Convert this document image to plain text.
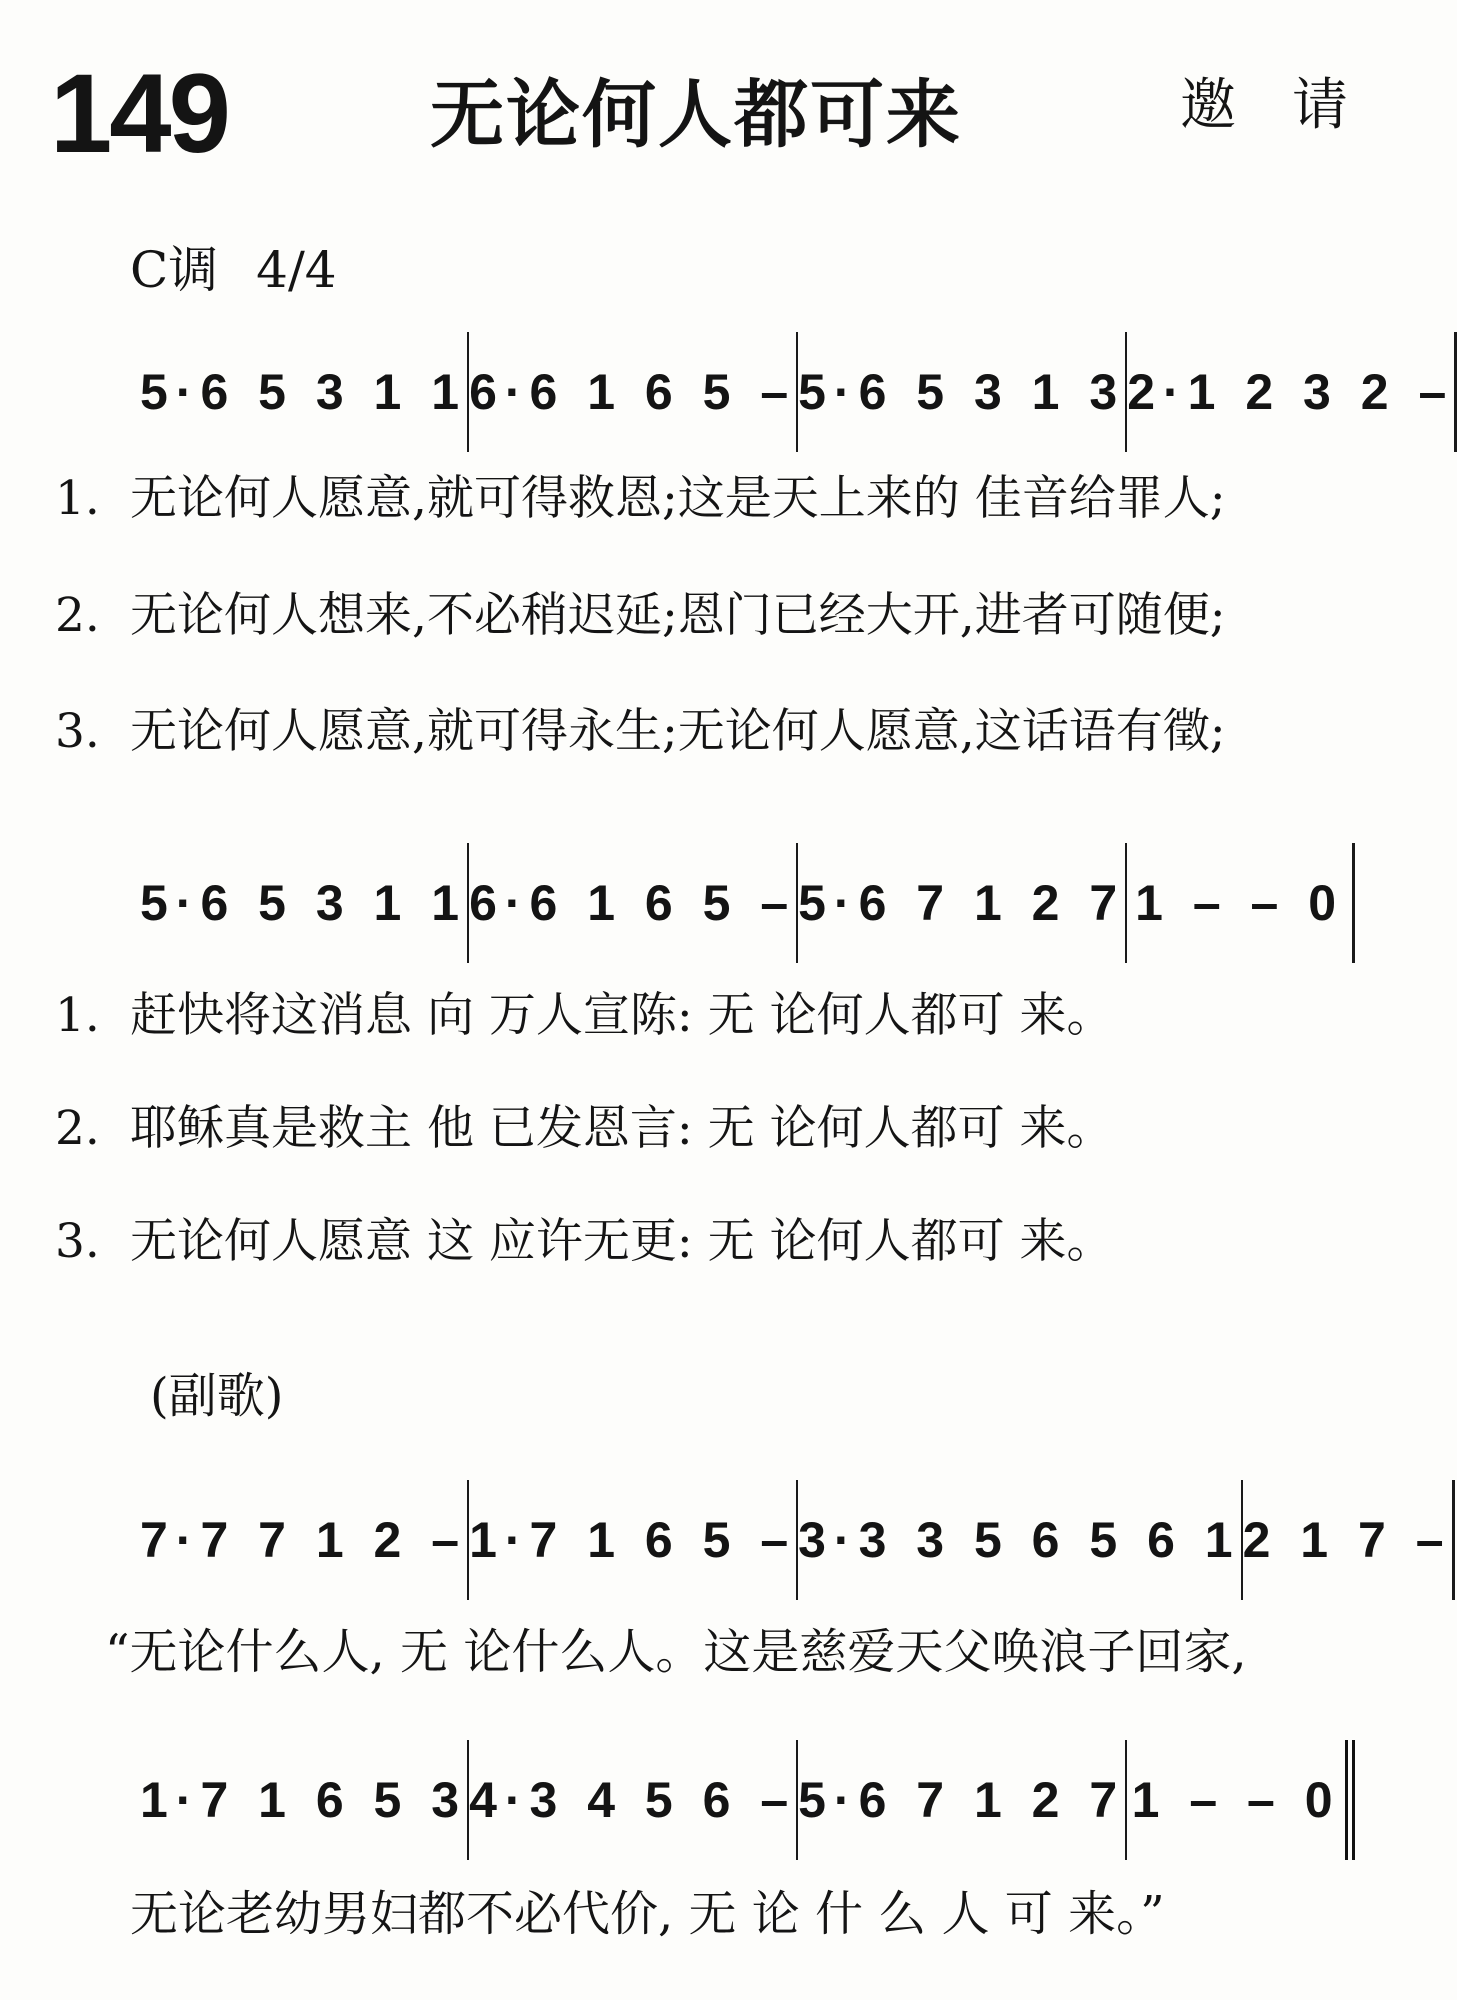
149	无论何人都可来	邀请
C调 4/4
5·6 5 3 1 1 6·6 1 6 5 – 5·6 5 3 1 3 2·1 2 3 2 –
1. 无论何人愿意,就可得救恩;这是天上来的 佳音给罪人;
2. 无论何人想来,不必稍迟延;恩门已经大开,进者可随便;
3. 无论何人愿意,就可得永生;无论何人愿意,这话语有徵;
5·6 5 3 1 1 6·6 1 6 5 – 5·6 7 1 2 7 1 – – 0
1. 赶快将这消息 向 万人宣陈: 无 论何人都可 来。
2. 耶稣真是救主 他 已发恩言: 无 论何人都可 来。
3. 无论何人愿意 这 应许无更: 无 论何人都可 来。
(副歌)
7·7 7 1 2 – 1·7 1 6 5 – 3·3 3 5 6 5 6 1 2 1 7 –
“无论什么人, 无 论什么人。这是慈爱天父唤浪子回家,
1·7 1 6 5 3 4·3 4 5 6 – 5·6 7 1 2 7 1 – – 0
无论老幼男妇都不必代价, 无 论 什 么 人 可 来。”
